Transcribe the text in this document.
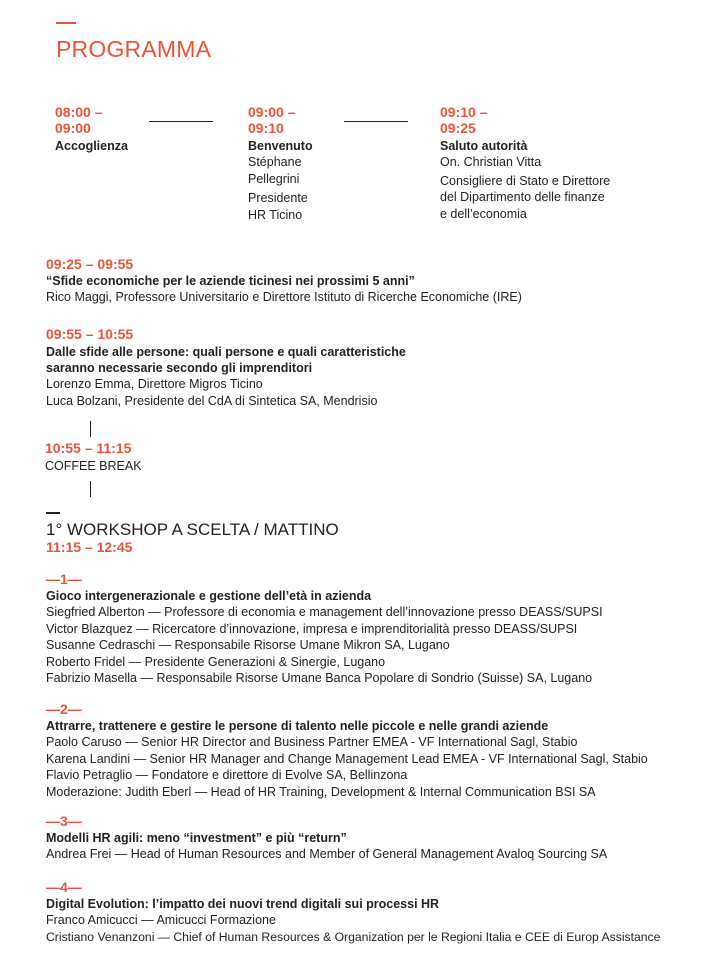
PROGRAMMA
08:00 –
09:00
Accoglienza
09:00 –
09:10
Benvenuto
Stéphane
Pellegrini
Presidente
HR Ticino
09:10 –
09:25
Saluto autorità
On. Christian Vitta
Consigliere di Stato e Direttore
del Dipartimento delle finanze
e dell’economia
09:25 – 09:55
“Sfide economiche per le aziende ticinesi nei prossimi 5 anni”
Rico Maggi, Professore Universitario e Direttore Istituto di Ricerche Economiche (IRE)
09:55 – 10:55
Dalle sfide alle persone: quali persone e quali caratteristiche
saranno necessarie secondo gli imprenditori
Lorenzo Emma, Direttore Migros Ticino
Luca Bolzani, Presidente del CdA di Sintetica SA, Mendrisio
10:55 – 11:15
COFFEE BREAK
1° WORKSHOP A SCELTA / MATTINO
11:15 – 12:45
—1—
Gioco intergenerazionale e gestione dell’età in azienda
Siegfried Alberton — Professore di economia e management dell’innovazione presso DEASS/SUPSI
Victor Blazquez — Ricercatore d’innovazione, impresa e imprenditorialità presso DEASS/SUPSI
Susanne Cedraschi — Responsabile Risorse Umane Mikron SA, Lugano
Roberto Fridel — Presidente Generazioni & Sinergie, Lugano
Fabrizio Masella — Responsabile Risorse Umane Banca Popolare di Sondrio (Suisse) SA, Lugano
—2—
Attrarre, trattenere e gestire le persone di talento nelle piccole e nelle grandi aziende
Paolo Caruso — Senior HR Director and Business Partner EMEA - VF International Sagl, Stabio
Karena Landini — Senior HR Manager and Change Management Lead EMEA - VF International Sagl, Stabio
Flavio Petraglio — Fondatore e direttore di Evolve SA, Bellinzona
Moderazione: Judith Eberl — Head of HR Training, Development & Internal Communication BSI SA
—3—
Modelli HR agili: meno “investment” e più “return”
Andrea Frei — Head of Human Resources and Member of General Management Avaloq Sourcing SA
—4—
Digital Evolution: l’impatto dei nuovi trend digitali sui processi HR
Franco Amicucci — Amicucci Formazione
Cristiano Venanzoni — Chief of Human Resources & Organization per le Regioni Italia e CEE di Europ Assistance
